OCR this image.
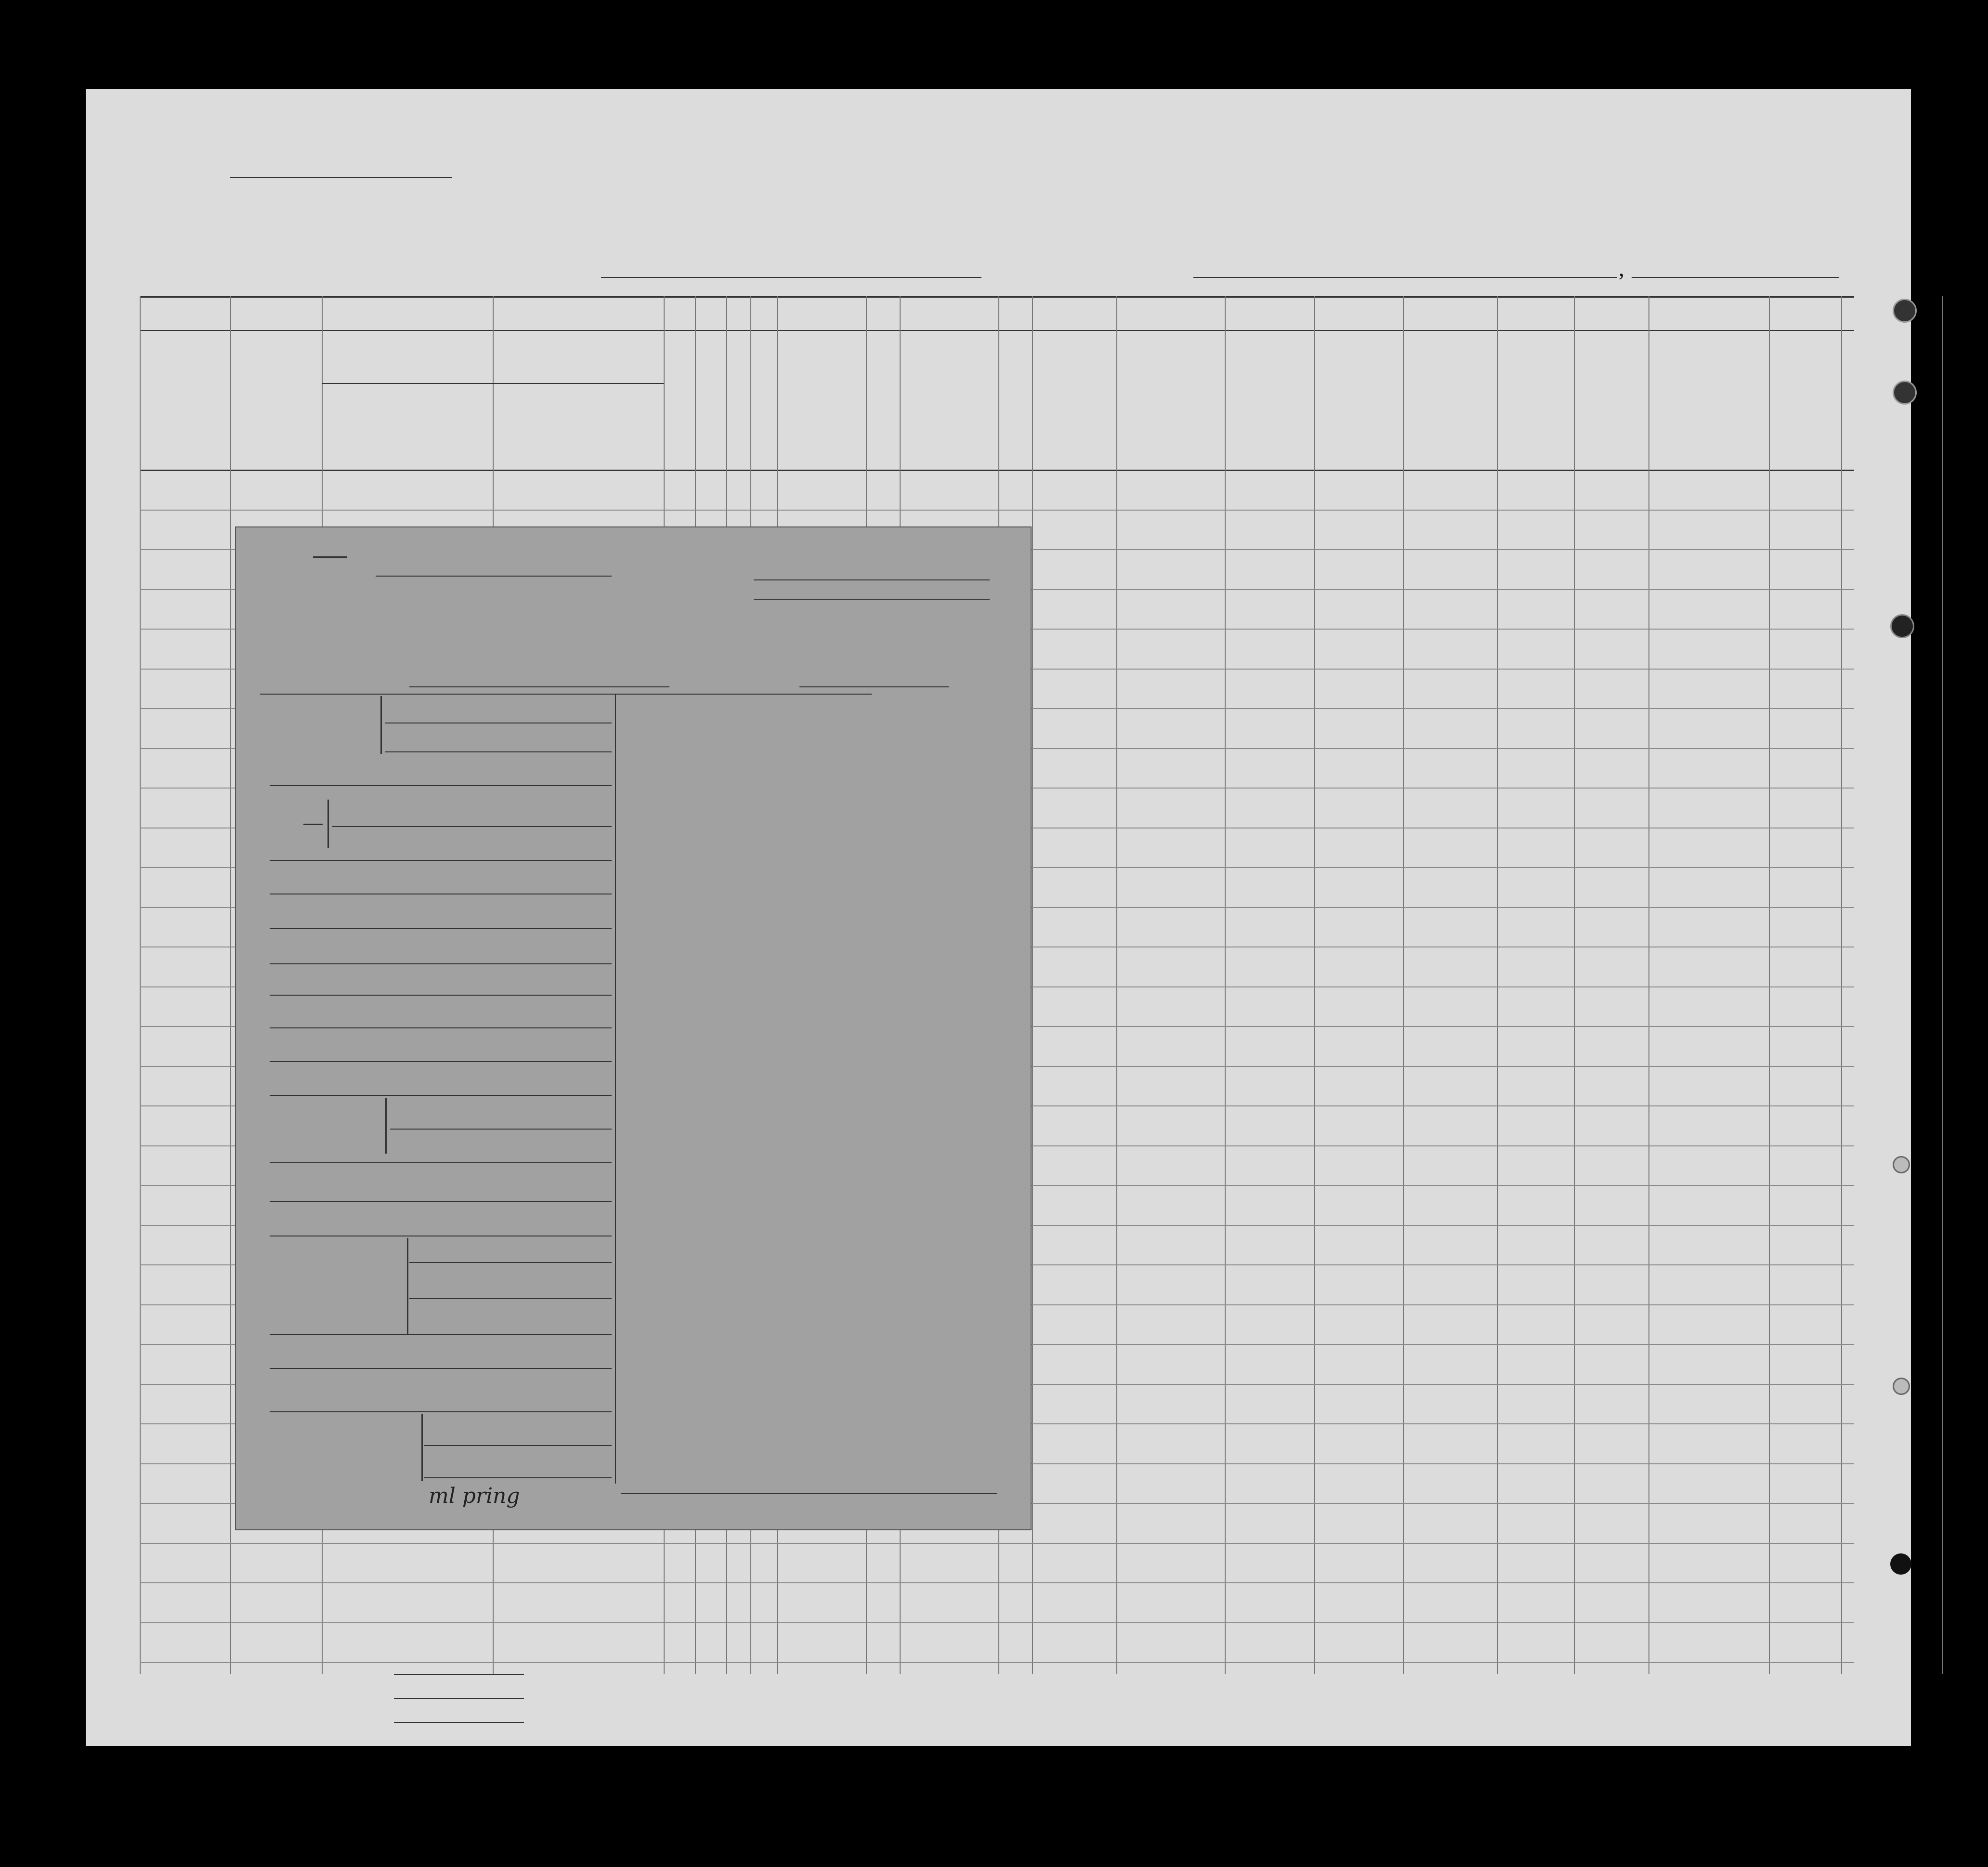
,
ml pring
